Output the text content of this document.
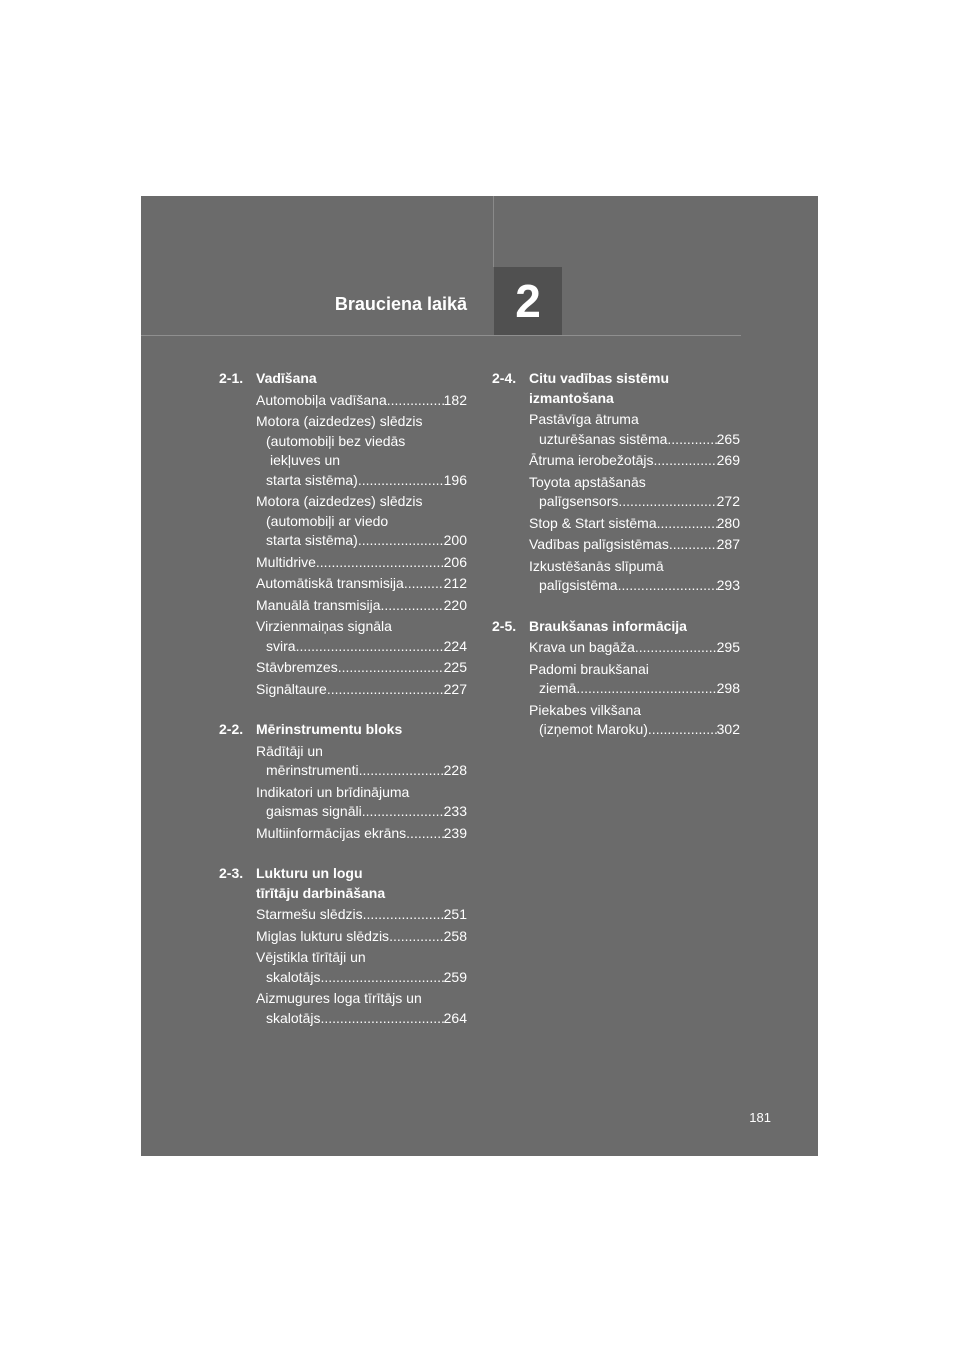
2
Brauciena laikā
2-1. Vadīšana
Automobiļa vadīšana .....	182
Motora (aizdedzes) slēdzis
(automobiļi bez viedās
iekļuves un
starta sistēma) .....	196
Motora (aizdedzes) slēdzis
(automobiļi ar viedo
starta sistēma) .....	200
Multidrive .....	206
Automātiskā transmisija .....	212
Manuālā transmisija .....	220
Virzienmaiņas signāla
svira .....	224
Stāvbremzes .....	225
Signāltaure .....	227
2-2. Mērinstrumentu bloks
Rādītāji un
mērinstrumenti .....	228
Indikatori un brīdinājuma
gaismas signāli .....	233
Multiinformācijas ekrāns .....	239
2-3. Lukturu un logu
tīrītāju darbināšana
Starmešu slēdzis .....	251
Miglas lukturu slēdzis .....	258
Vējstikla tīrītāji un
skalotājs .....	259
Aizmugures loga tīrītājs un
skalotājs .....	264
2-4. Citu vadības sistēmu
izmantošana
Pastāvīga ātruma
uzturēšanas sistēma .....	265
Ātruma ierobežotājs .....	269
Toyota apstāšanās
palīgsensors .....	272
Stop & Start sistēma .....	280
Vadības palīgsistēmas .....	287
Izkustēšanās slīpumā
palīgsistēma .....	293
2-5. Braukšanas informācija
Krava un bagāža .....	295
Padomi braukšanai
ziemā .....	298
Piekabes vilkšana
(izņemot Maroku) .....	302
181
